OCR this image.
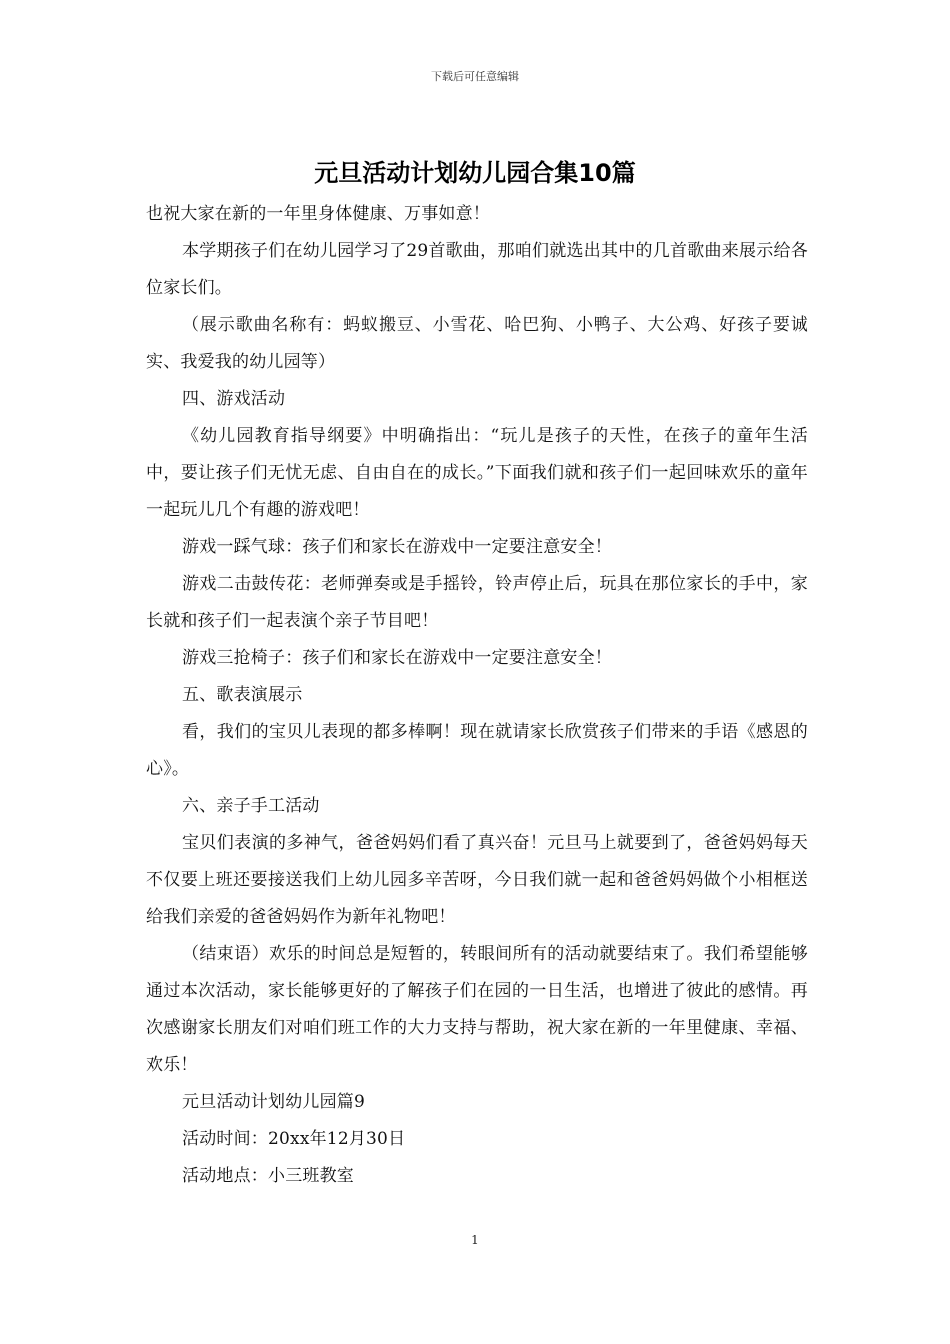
下载后可任意编辑
元旦活动计划幼儿园合集10篇

也祝大家在新的一年里身体健康、万事如意！

本学期孩子们在幼儿园学习了29首歌曲，那咱们就选出其中的几首歌曲来展示给各位家长们。

（展示歌曲名称有：蚂蚁搬豆、小雪花、哈巴狗、小鸭子、大公鸡、好孩子要诚实、我爱我的幼儿园等）

四、游戏活动

《幼儿园教育指导纲要》中明确指出：“玩儿是孩子的天性，在孩子的童年生活中，要让孩子们无忧无虑、自由自在的成长。”下面我们就和孩子们一起回味欢乐的童年一起玩儿几个有趣的游戏吧！

游戏一踩气球：孩子们和家长在游戏中一定要注意安全！

游戏二击鼓传花：老师弹奏或是手摇铃，铃声停止后，玩具在那位家长的手中，家长就和孩子们一起表演个亲子节目吧！

游戏三抢椅子：孩子们和家长在游戏中一定要注意安全！

五、歌表演展示

看，我们的宝贝儿表现的都多棒啊！现在就请家长欣赏孩子们带来的手语《感恩的心》。

六、亲子手工活动

宝贝们表演的多神气，爸爸妈妈们看了真兴奋！元旦马上就要到了，爸爸妈妈每天不仅要上班还要接送我们上幼儿园多辛苦呀，今日我们就一起和爸爸妈妈做个小相框送给我们亲爱的爸爸妈妈作为新年礼物吧！

（结束语）欢乐的时间总是短暂的，转眼间所有的活动就要结束了。我们希望能够通过本次活动，家长能够更好的了解孩子们在园的一日生活，也增进了彼此的感情。再次感谢家长朋友们对咱们班工作的大力支持与帮助，祝大家在新的一年里健康、幸福、欢乐！

元旦活动计划幼儿园篇9

活动时间：20xx年12月30日

活动地点：小三班教室

1
